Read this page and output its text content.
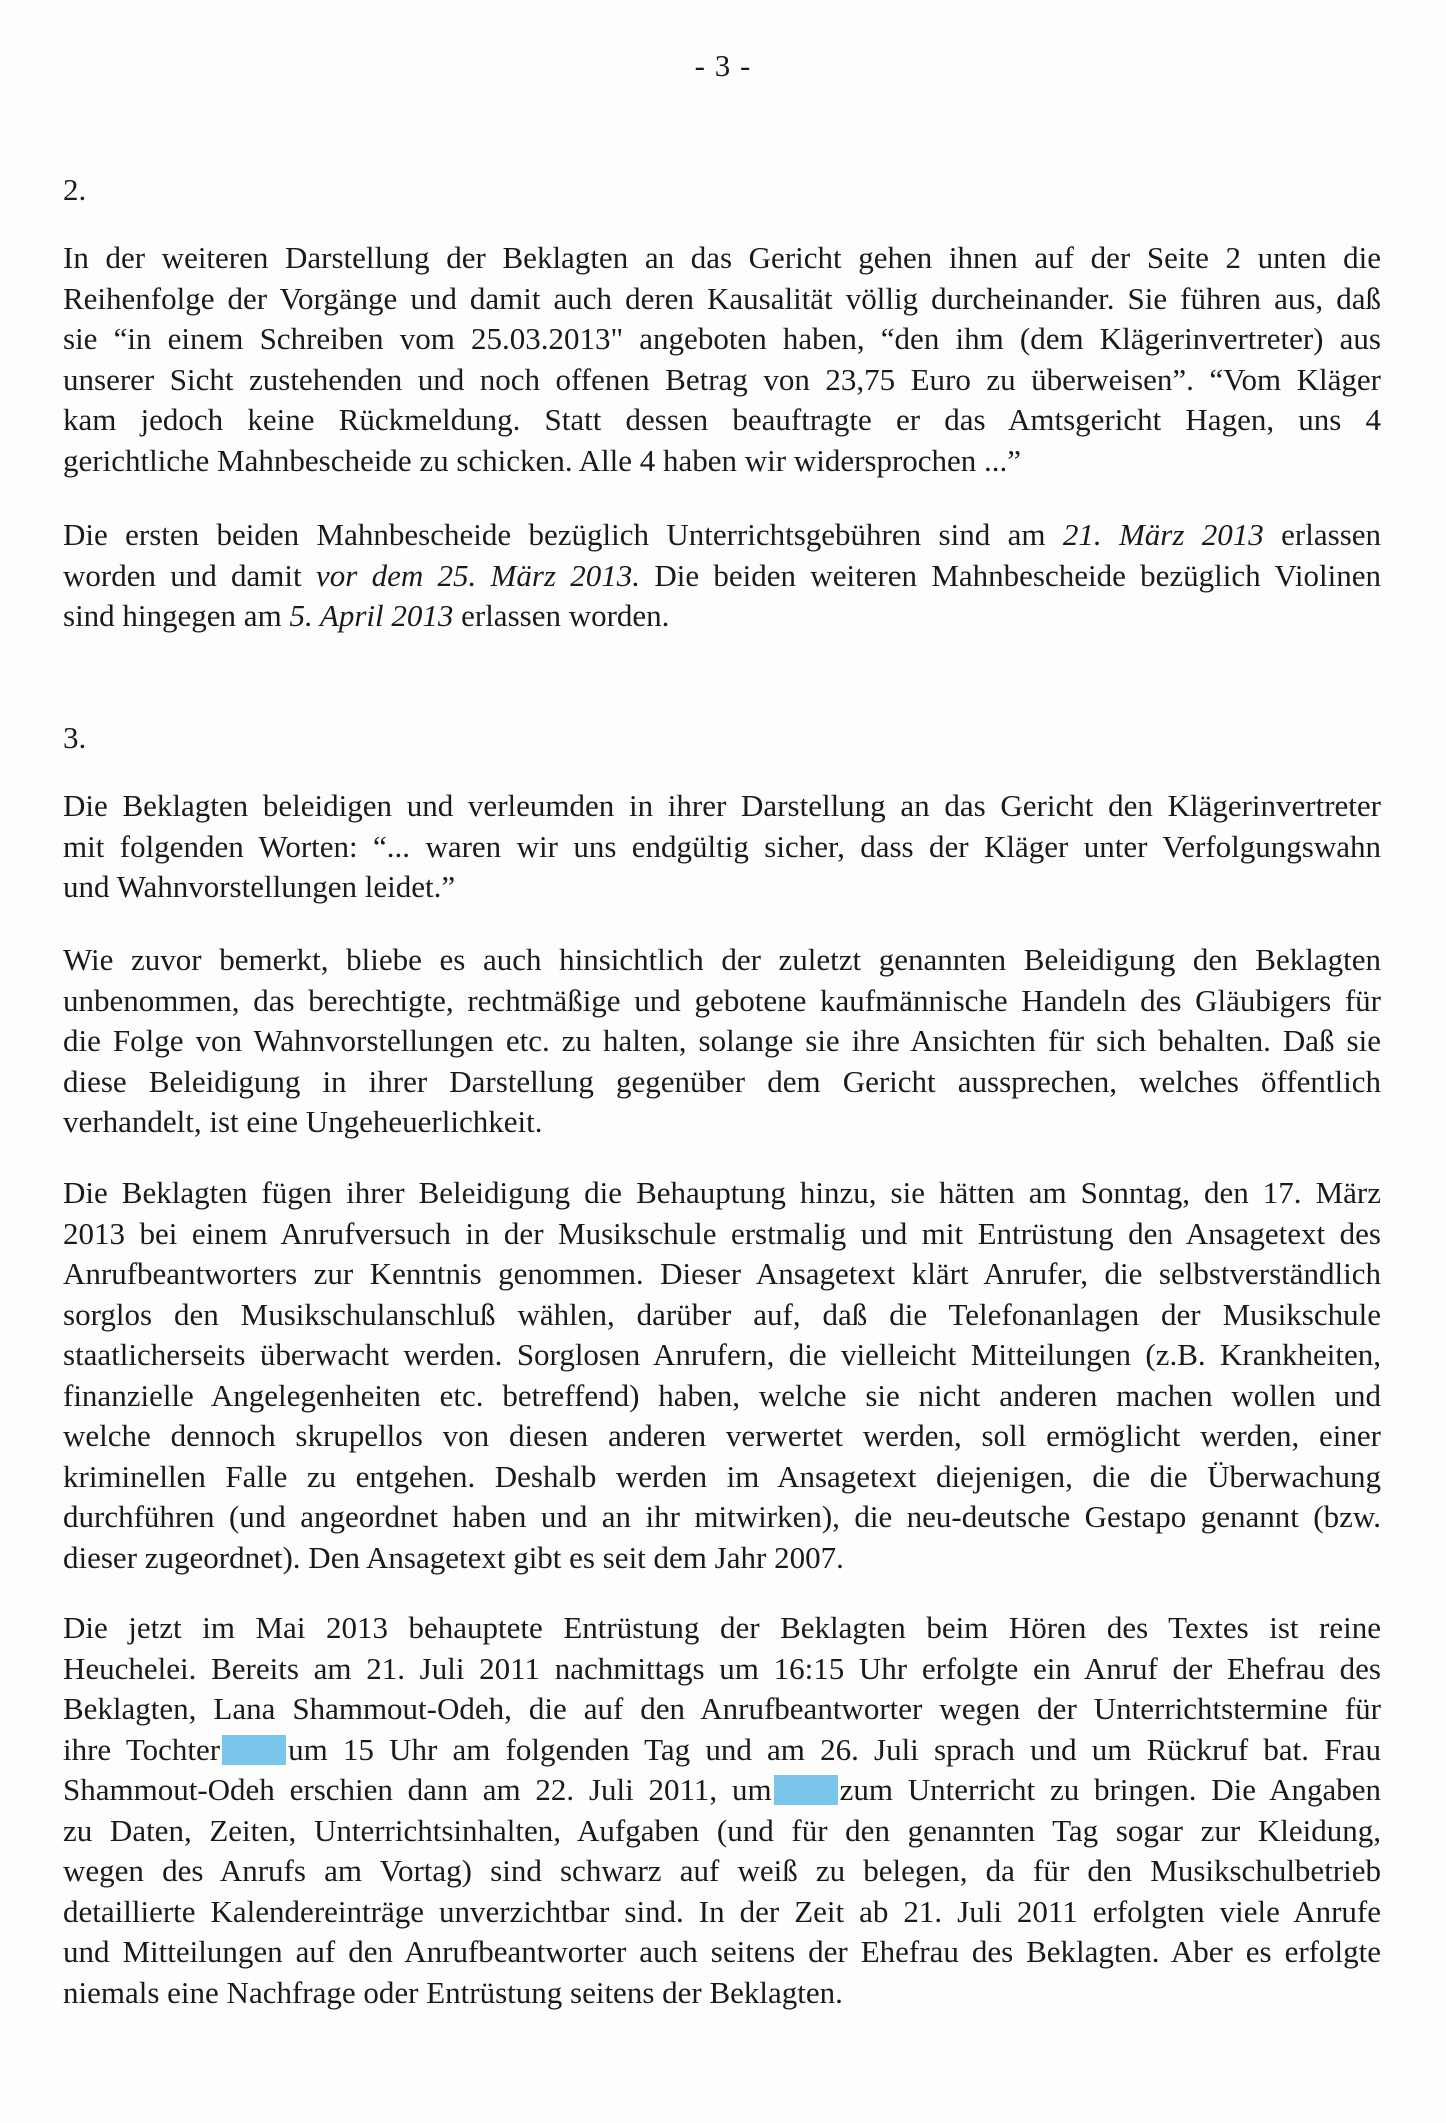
- 3 -
2.

In der weiteren Darstellung der Beklagten an das Gericht gehen ihnen auf der Seite 2 unten die
Reihenfolge der Vorgänge und damit auch deren Kausalität völlig durcheinander. Sie führen aus, daß
sie “in einem Schreiben vom 25.03.2013" angeboten haben, “den ihm (dem Klägerinvertreter) aus
unserer Sicht zustehenden und noch offenen Betrag von 23,75 Euro zu überweisen”. “Vom Kläger
kam jedoch keine Rückmeldung. Statt dessen beauftragte er das Amtsgericht Hagen, uns 4
gerichtliche Mahnbescheide zu schicken. Alle 4 haben wir widersprochen ...”

Die ersten beiden Mahnbescheide bezüglich Unterrichtsgebühren sind am 21. März 2013 erlassen
worden und damit vor dem 25. März 2013. Die beiden weiteren Mahnbescheide bezüglich Violinen
sind hingegen am 5. April 2013 erlassen worden.

3.

Die Beklagten beleidigen und verleumden in ihrer Darstellung an das Gericht den Klägerinvertreter
mit folgenden Worten: “... waren wir uns endgültig sicher, dass der Kläger unter Verfolgungswahn
und Wahnvorstellungen leidet.”

Wie zuvor bemerkt, bliebe es auch hinsichtlich der zuletzt genannten Beleidigung den Beklagten
unbenommen, das berechtigte, rechtmäßige und gebotene kaufmännische Handeln des Gläubigers für
die Folge von Wahnvorstellungen etc. zu halten, solange sie ihre Ansichten für sich behalten. Daß sie
diese Beleidigung in ihrer Darstellung gegenüber dem Gericht aussprechen, welches öffentlich
verhandelt, ist eine Ungeheuerlichkeit.

Die Beklagten fügen ihrer Beleidigung die Behauptung hinzu, sie hätten am Sonntag, den 17. März
2013 bei einem Anrufversuch in der Musikschule erstmalig und mit Entrüstung den Ansagetext des
Anrufbeantworters zur Kenntnis genommen. Dieser Ansagetext klärt Anrufer, die selbstverständlich
sorglos den Musikschulanschluß wählen, darüber auf, daß die Telefonanlagen der Musikschule
staatlicherseits überwacht werden. Sorglosen Anrufern, die vielleicht Mitteilungen (z.B. Krankheiten,
finanzielle Angelegenheiten etc. betreffend) haben, welche sie nicht anderen machen wollen und
welche dennoch skrupellos von diesen anderen verwertet werden, soll ermöglicht werden, einer
kriminellen Falle zu entgehen. Deshalb werden im Ansagetext diejenigen, die die Überwachung
durchführen (und angeordnet haben und an ihr mitwirken), die neu-deutsche Gestapo genannt (bzw.
dieser zugeordnet). Den Ansagetext gibt es seit dem Jahr 2007.

Die jetzt im Mai 2013 behauptete Entrüstung der Beklagten beim Hören des Textes ist reine
Heuchelei. Bereits am 21. Juli 2011 nachmittags um 16:15 Uhr erfolgte ein Anruf der Ehefrau des
Beklagten, Lana Shammout-Odeh, die auf den Anrufbeantworter wegen der Unterrichtstermine für
ihre Tochter um 15 Uhr am folgenden Tag und am 26. Juli sprach und um Rückruf bat. Frau
Shammout-Odeh erschien dann am 22. Juli 2011, um zum Unterricht zu bringen. Die Angaben
zu Daten, Zeiten, Unterrichtsinhalten, Aufgaben (und für den genannten Tag sogar zur Kleidung,
wegen des Anrufs am Vortag) sind schwarz auf weiß zu belegen, da für den Musikschulbetrieb
detaillierte Kalendereinträge unverzichtbar sind. In der Zeit ab 21. Juli 2011 erfolgten viele Anrufe
und Mitteilungen auf den Anrufbeantworter auch seitens der Ehefrau des Beklagten. Aber es erfolgte
niemals eine Nachfrage oder Entrüstung seitens der Beklagten.
